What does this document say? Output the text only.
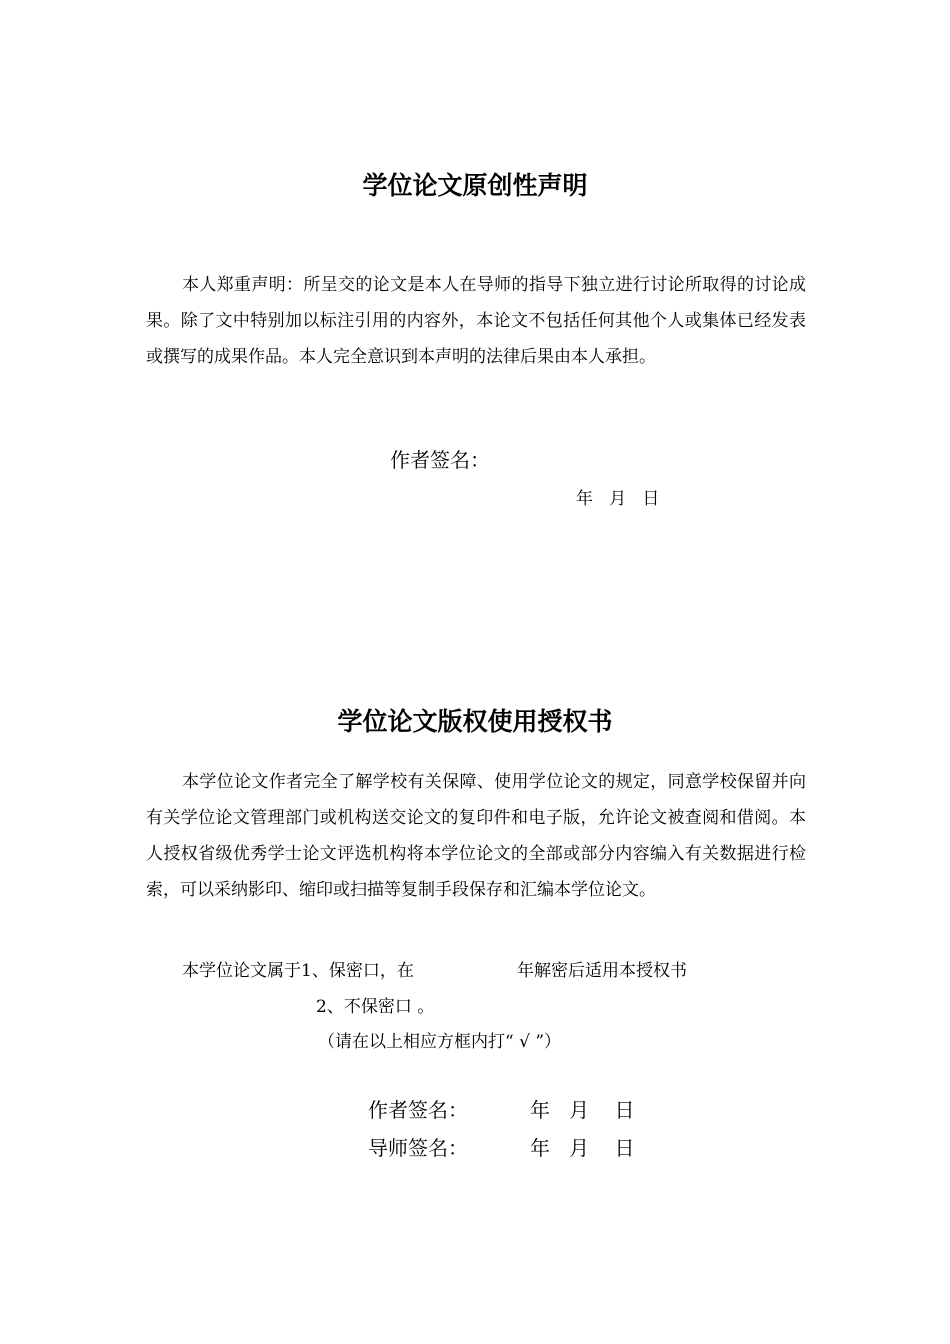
学位论文原创性声明

本人郑重声明：所呈交的论文是本人在导师的指导下独立进行讨论所取得的讨论成果。除了文中特别加以标注引用的内容外，本论文不包括任何其他个人或集体已经发表或撰写的成果作品。本人完全意识到本声明的法律后果由本人承担。

作者签名：
年   月   日
学位论文版权使用授权书

本学位论文作者完全了解学校有关保障、使用学位论文的规定，同意学校保留并向有关学位论文管理部门或机构送交论文的复印件和电子版，允许论文被查阅和借阅。本人授权省级优秀学士论文评选机构将本学位论文的全部或部分内容编入有关数据进行检索，可以采纳影印、缩印或扫描等复制手段保存和汇编本学位论文。

本学位论文属于1、保密口，在	年解密后适用本授权书
2、不保密口 。
（请在以上相应方框内打“ √ ”）
作者签名：	年   月    日
导师签名：	年   月    日
